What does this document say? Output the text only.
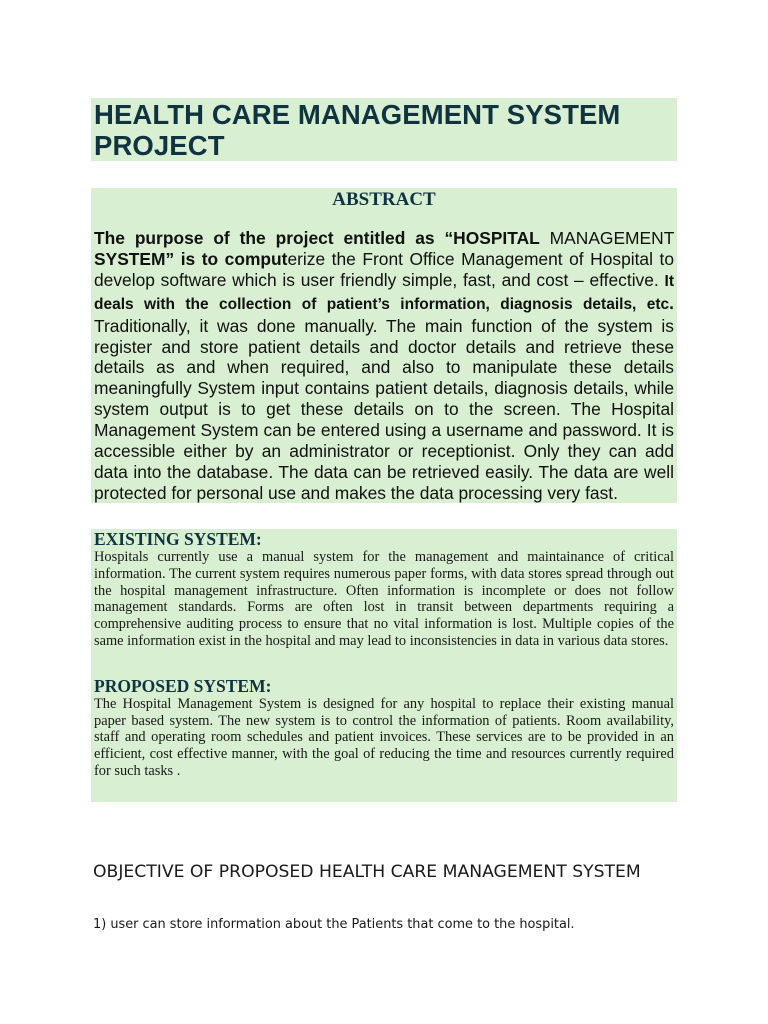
HEALTH CARE MANAGEMENT SYSTEM
PROJECT
ABSTRACT

The purpose of the project entitled as “HOSPITAL MANAGEMENT SYSTEM” is to computerize the Front Office Management of Hospital to develop software which is user friendly simple, fast, and cost – effective. It deals with the collection of patient’s information, diagnosis details, etc. Traditionally, it was done manually. The main function of the system is register and store patient details and doctor details and retrieve these details as and when required, and also to manipulate these details meaningfully System input contains patient details, diagnosis details, while system output is to get these details on to the screen. The Hospital Management System can be entered using a username and password. It is accessible either by an administrator or receptionist. Only they can add data into the database. The data can be retrieved easily. The data are well protected for personal use and makes the data processing very fast.

EXISTING SYSTEM:

Hospitals currently use a manual system for the management and maintainance of critical information. The current system requires numerous paper forms, with data stores spread through out the hospital management infrastructure. Often information is incomplete or does not follow management standards. Forms are often lost in transit between departments requiring a comprehensive auditing process to ensure that no vital information is lost. Multiple copies of the same information exist in the hospital and may lead to inconsistencies in data in various data stores.

PROPOSED SYSTEM:

The Hospital Management System is designed for any hospital to replace their existing manual paper based system. The new system is to control the information of patients. Room availability, staff and operating room schedules and patient invoices. These services are to be provided in an efficient, cost effective manner, with the goal of reducing the time and resources currently required for such tasks .

OBJECTIVE OF PROPOSED HEALTH CARE MANAGEMENT SYSTEM

1) user can store information about the Patients that come to the hospital.
